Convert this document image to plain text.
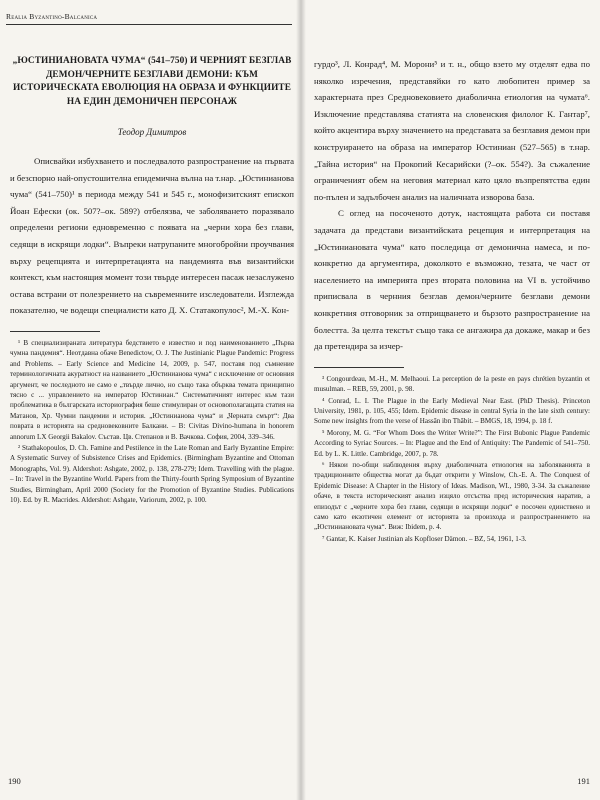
Realia Byzantino-Balcanica
„ЮСТИНИАНОВАТА ЧУМА“ (541–750) И ЧЕРНИЯТ БЕЗГЛАВ ДЕМОН/ЧЕРНИТЕ БЕЗГЛАВИ ДЕМОНИ: КЪМ ИСТОРИЧЕСКАТА ЕВОЛЮЦИЯ НА ОБРАЗА И ФУНКЦИИТЕ НА ЕДИН ДЕМОНИЧЕН ПЕРСОНАЖ
Теодор Димитров

Описвайки избухването и последвалото разпространение на първата и безспорно най-опустошителна епидемична вълна на т.нар. „Юстинианова чума“ (541–750)¹ в периода между 541 и 545 г., монофизитският епископ Йоан Ефески (ок. 507?–ок. 589?) отбелязва, че заболяването поразявало определени региони едновременно с появата на „черни хора без глави, седящи в искрящи лодки“. Въпреки натрупаните многобройни проучвания върху рецепцията и интерпретацията на пандемията във византийски контекст, към настоящия момент този твърде интересен пасаж незаслужено остава встрани от полезрението на съвременните изследователи. Изглежда показателно, че водещи специалисти като Д. Х. Статакопулос², М.-Х. Кон-

¹ В специализираната литература бедствието е известно и под наименованието „Първа чумна пандемия“. Неотдавна обаче Benedictow, O. J. The Justinianic Plague Pandemic: Progress and Problems. – Early Science and Medicine 14, 2009, p. 547, поставя под съмнение терминологичната акуратност на названието „Юстинианова чума“ с исключение от основния аргумент, че последното не само е „твърде лично, но също така обърква темата принципно тясно с ... управлението на император Юстиниан.“ Систематичният интерес към тази проблематика в българската историография беше стимулиран от основополагащата статия на Матанов, Хр. Чумни пандемии и история. „Юстинианова чума“ и „Черната смърт“: Два поврата в историята на средновековните Балкани. – В: Civitas Divino-humana in honorem annorum LX Georgii Bakalov. Състав. Цв. Степанов и В. Вачкова. София, 2004, 339–346.

² Stathakopoulos, D. Ch. Famine and Pestilence in the Late Roman and Early Byzantine Empire: A Systematic Survey of Subsistence Crises and Epidemics. (Birmingham Byzantine and Ottoman Monographs, Vol. 9). Aldershot: Ashgate, 2002, p. 138, 278-279; Idem. Travelling with the plague. – In: Travel in the Byzantine World. Papers from the Thirty-fourth Spring Symposium of Byzantine Studies, Birmingham, April 2000 (Society for the Promotion of Byzantine Studies. Publications 10). Ed. by R. Macrides. Aldershot: Ashgate, Variorum, 2002, p. 100.

190

гурдо³, Л. Конрад⁴, М. Морони⁵ и т. н., общо взето му отделят едва по няколко изречения, представяйки го като любопитен пример за характерната през Средновековието диаболична етиология на чумата⁶. Изключение представлява статията на словенския филолог К. Гантар⁷, който акцентира върху значението на представата за безглавия демон при конструирането на образа на император Юстиниан (527–565) в т.нар. „Тайна история“ на Прокопий Кесарийски (?–ок. 554?). За съжаление ограниченият обем на неговия материал като цяло възпрепятства един по-пълен и задълбочен анализ на наличната изворова база.

С оглед на посоченото дотук, настоящата работа си поставя задачата да представи византийската рецепция и интерпретация на „Юстиниановата чума“ като последица от демонична намеса, и по-конкретно да аргументира, доколкото е възможно, тезата, че част от населението на империята през втората половина на VI в. устойчиво приписвала в чернния безглав демон/черните безглави демони конкретния отговорник за отприщването и бързото разпространение на болестта. За целта текстът също така се ангажира да докаже, макар и без да претендира за изчер-

³ Congourdeau, M.-H., M. Melhaoui. La perception de la peste en pays chrétien byzantin et musulman. – REB, 59, 2001, p. 98.

⁴ Conrad, L. I. The Plague in the Early Medieval Near East. (PhD Thesis). Princeton University, 1981, p. 105, 455; Idem. Epidemic disease in central Syria in the late sixth century: Some new insights from the verse of Hassān ibn Thābit. – BMGS, 18, 1994, p. 18 f.

⁵ Morony, M. G. “For Whom Does the Writer Write?”: The First Bubonic Plague Pandemic According to Syriac Sources. – In: Plague and the End of Antiquity: The Pandemic of 541–750. Ed. by L. K. Little. Cambridge, 2007, p. 78.

⁶ Някои по-общи наблюдения върху диаболичната етиология на заболяванията в традиционните общества могат да бъдат открити у Winslow, Ch.-E. A. The Conquest of Epidemic Disease: A Chapter in the History of Ideas. Madison, WI., 1980, 3-34. За съжаление обаче, в текста историческият анализ изцяло отсъства пред историческия наратив, а епизодът с „черните хора без глави, седящи в искрящи лодки“ е посочен единствено и само като екзотичен елемент от историята за произхода и разпространението на „Юстиниановата чума“. Виж: Ibidem, p. 4.

⁷ Gantar, K. Kaiser Justinian als Kopfloser Dämon. – BZ, 54, 1961, 1-3.

191
